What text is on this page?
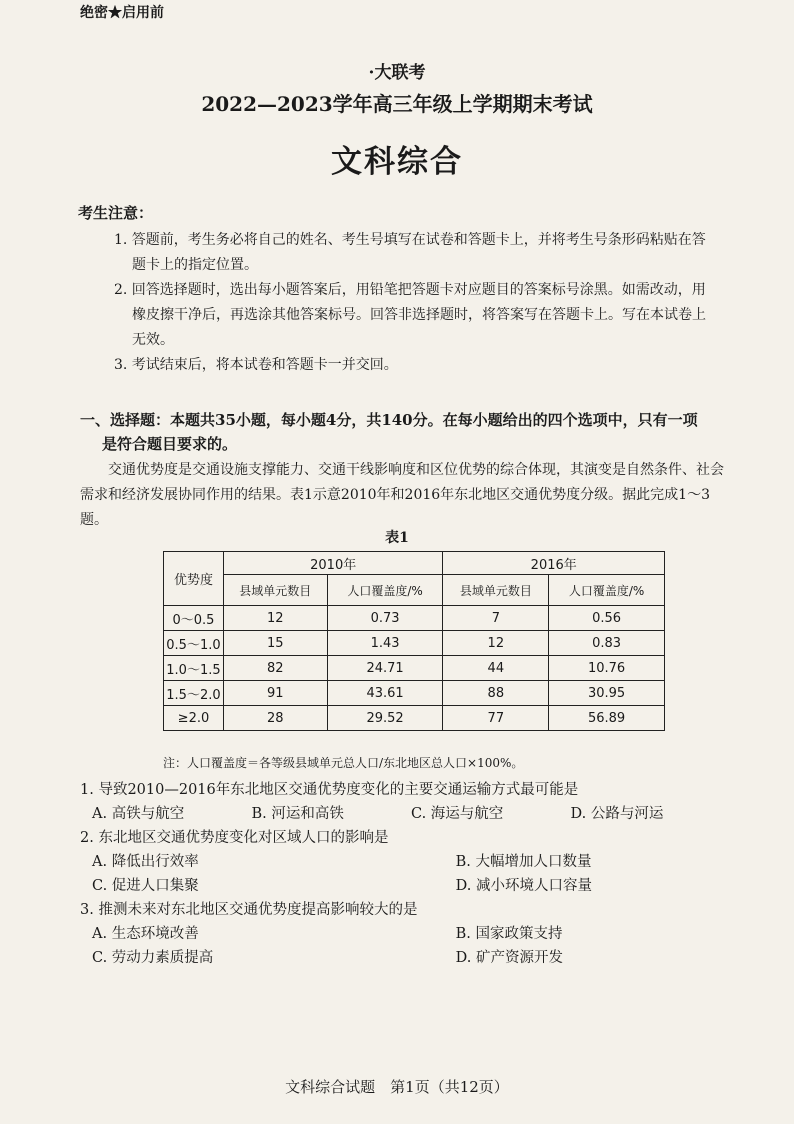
绝密★启用前
·大联考
2022—2023学年高三年级上学期期末考试
文科综合
考生注意：
1. 答题前，考生务必将自己的姓名、考生号填写在试卷和答题卡上，并将考生号条形码粘贴在答题卡上的指定位置。
2. 回答选择题时，选出每小题答案后，用铅笔把答题卡对应题目的答案标号涂黑。如需改动，用橡皮擦干净后，再选涂其他答案标号。回答非选择题时，将答案写在答题卡上。写在本试卷上无效。
3. 考试结束后，将本试卷和答题卡一并交回。
一、选择题：本题共35小题，每小题4分，共140分。在每小题给出的四个选项中，只有一项
是符合题目要求的。
交通优势度是交通设施支撑能力、交通干线影响度和区位优势的综合体现，其演变是自然条件、社会需求和经济发展协同作用的结果。表1示意2010年和2016年东北地区交通优势度分级。据此完成1～3题。
表1
优势度	2010年		2016年	
	县域单元数目	人口覆盖度/%	县域单元数目	人口覆盖度/%
0～0.5	12	0.73	7	0.56
0.5～1.0	15	1.43	12	0.83
1.0～1.5	82	24.71	44	10.76
1.5～2.0	91	43.61	88	30.95
≥2.0	28	29.52	77	56.89
注：人口覆盖度＝各等级县域单元总人口/东北地区总人口×100%。
1. 导致2010—2016年东北地区交通优势度变化的主要交通运输方式最可能是
A. 高铁与航空	B. 河运和高铁	C. 海运与航空	D. 公路与河运
2. 东北地区交通优势度变化对区域人口的影响是
A. 降低出行效率	B. 大幅增加人口数量
C. 促进人口集聚	D. 减小环境人口容量
3. 推测未来对东北地区交通优势度提高影响较大的是
A. 生态环境改善	B. 国家政策支持
C. 劳动力素质提高	D. 矿产资源开发
文科综合试题　第1页（共12页）
